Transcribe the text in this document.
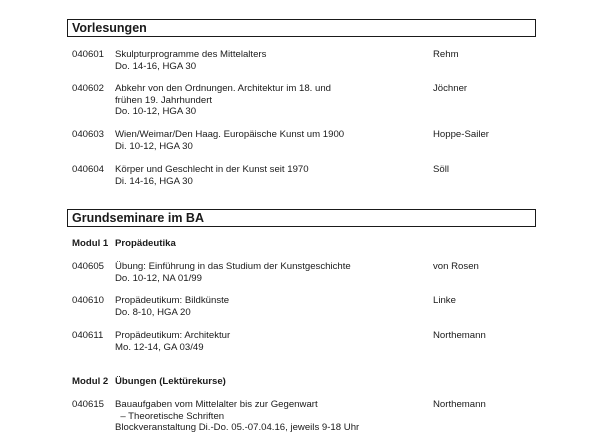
Vorlesungen
040601 Skulpturprogramme des Mittelalters
Do. 14-16, HGA 30
Rehm
040602 Abkehr von den Ordnungen. Architektur im 18. und
frühen 19. Jahrhundert
Do. 10-12, HGA 30
Jöchner
040603 Wien/Weimar/Den Haag. Europäische Kunst um 1900
Di. 10-12, HGA 30
Hoppe-Sailer
040604 Körper und Geschlecht in der Kunst seit 1970
Di. 14-16, HGA 30
Söll
Grundseminare im BA
Modul 1 Propädeutika
040605 Übung: Einführung in das Studium der Kunstgeschichte
Do. 10-12, NA 01/99
von Rosen
040610 Propädeutikum: Bildkünste
Do. 8-10, HGA 20
Linke
040611 Propädeutikum: Architektur
Mo. 12-14, GA 03/49
Northemann
Modul 2 Übungen (Lektürekurse)
040615 Bauaufgaben vom Mittelalter bis zur Gegenwart
– Theoretische Schriften
Blockveranstaltung Di.-Do. 05.-07.04.16, jeweils 9-18 Uhr
Northemann
